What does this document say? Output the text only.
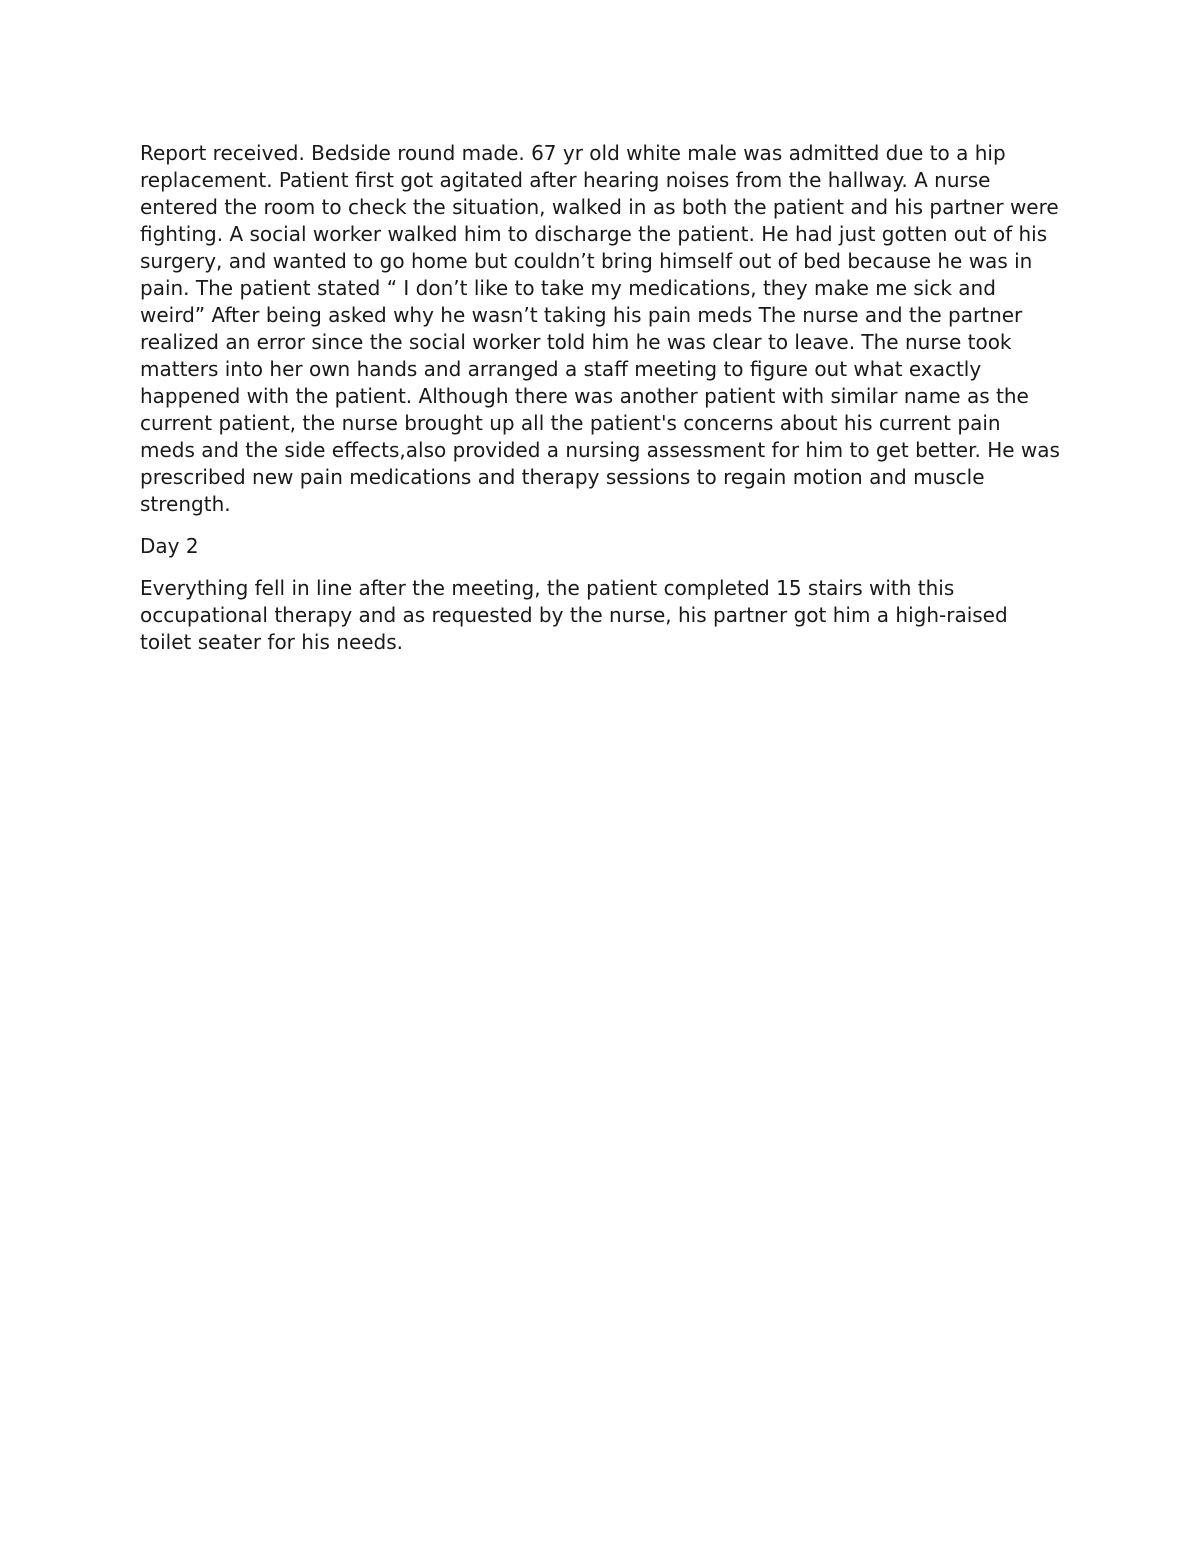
Report received. Bedside round made. 67 yr old white male was admitted due to a hip replacement. Patient first got agitated after hearing noises from the hallway. A nurse entered the room to check the situation, walked in as both the patient and his partner were fighting. A social worker walked him to discharge the patient. He had just gotten out of his surgery, and wanted to go home but couldn’t bring himself out of bed because he was in pain. The patient stated “ I don’t like to take my medications, they make me sick and weird” After being asked why he wasn’t taking his pain meds The nurse and the partner realized an error since the social worker told him he was clear to leave. The nurse took matters into her own hands and arranged a staff meeting to figure out what exactly happened with the patient. Although there was another patient with similar name as the current patient, the nurse brought up all the patient's concerns about his current pain meds and the side effects,also provided a nursing assessment for him to get better. He was prescribed new pain medications and therapy sessions to regain motion and muscle strength.

Day 2

Everything fell in line after the meeting, the patient completed 15 stairs with this occupational therapy and as requested by the nurse, his partner got him a high-raised toilet seater for his needs.
